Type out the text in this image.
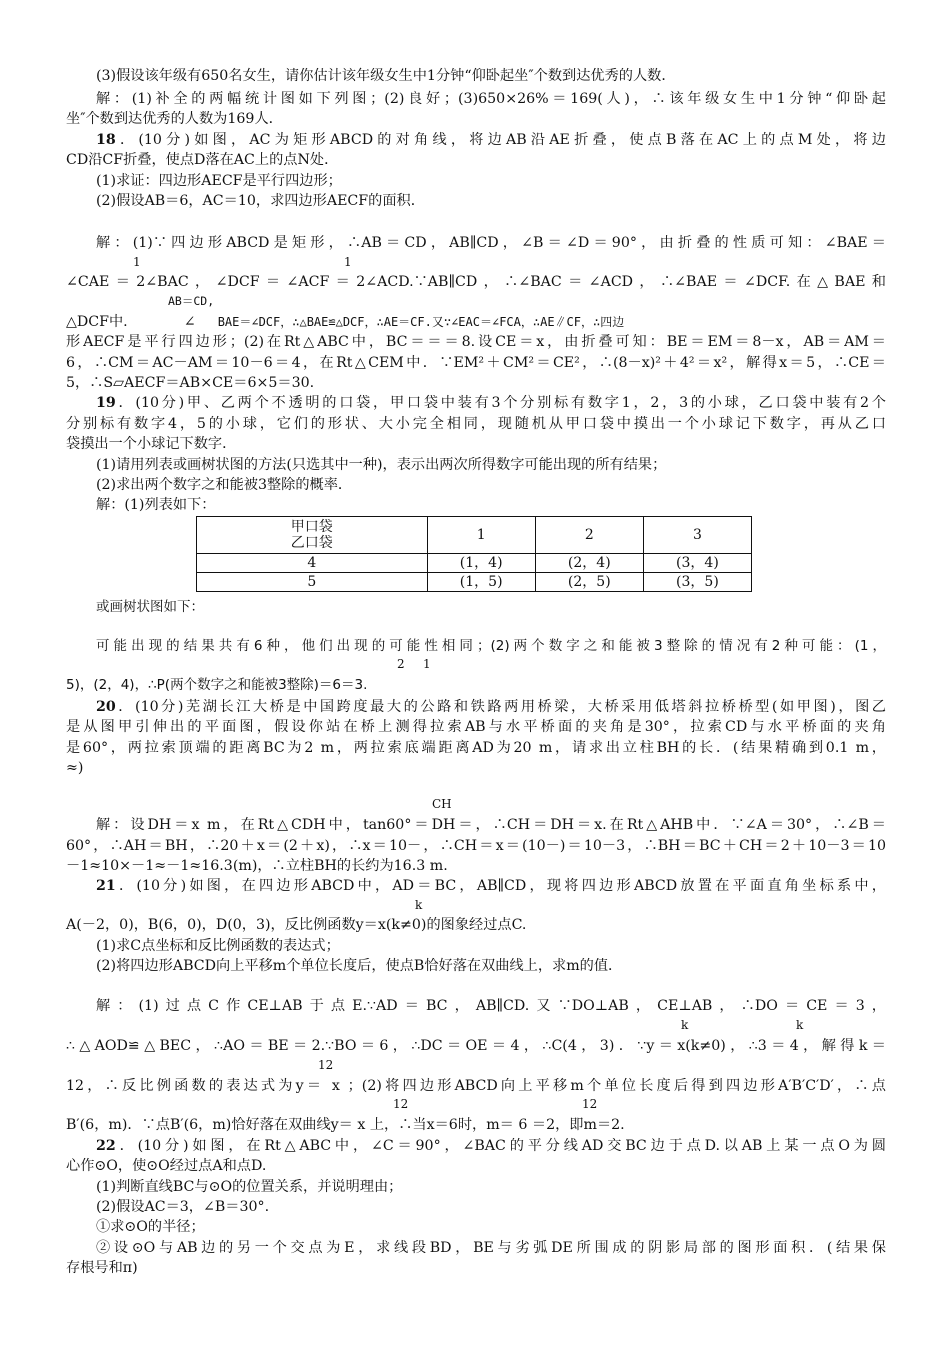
(3)假设该年级有650名女生，请你估计该年级女生中1分钟“仰卧起坐″个数到达优秀的人数．
解：(1)补全的两幅统计图如下列图；(2)良好；(3)650×26%＝169(人)，∴该年级女生中1分钟“仰卧起
坐″个数到达优秀的人数为169人．
18．(10分)如图，AC为矩形ABCD的对角线，将边AB沿AE折叠，使点B落在AC上的点M处，将边
CD沿CF折叠，使点D落在AC上的点N处．
(1)求证：四边形AECF是平行四边形；
(2)假设AB＝6，AC＝10，求四边形AECF的面积．
解：(1)∵四边形ABCD是矩形，∴AB＝CD，AB∥CD，∠B＝∠D＝90°，由折叠的性质可知：∠BAE＝
1	1
∠CAE＝2∠BAC，∠DCF＝∠ACF＝2∠ACD.∵AB∥CD，∴∠BAC＝∠ACD，∴∠BAE＝∠DCF.在△BAE和
AB＝CD,
△DCF中.	∠ BAE＝∠DCF，∴△BAE≌△DCF，∴AE＝CF.又∵∠EAC＝∠FCA，∴AE∥CF，∴四边
形AECF是平行四边形；(2)在Rt△ABC中，BC＝＝＝8.设CE＝x，由折叠可知：BE＝EM＝8－x，AB＝AM＝
6，∴CM＝AC－AM＝10－6＝4，在Rt△CEM中．∵EM²＋CM²＝CE²，∴(8－x)²＋4²＝x²，解得x＝5，∴CE＝
5，∴S▱AECF＝AB×CE＝6×5＝30.
19．(10分)甲、乙两个不透明的口袋，甲口袋中装有3个分别标有数字1，2，3的小球，乙口袋中装有2个
分别标有数字4，5的小球，它们的形状、大小完全相同，现随机从甲口袋中摸出一个小球记下数字，再从乙口
袋摸出一个小球记下数字．
(1)请用列表或画树状图的方法(只选其中一种)，表示出两次所得数字可能出现的所有结果；
(2)求出两个数字之和能被3整除的概率．
解：(1)列表如下：
甲口袋
乙口袋	1	2	3
4	(1，4)	(2，4)	(3，4)
5	(1，5)	(2，5)	(3，5)
或画树状图如下：
可能出现的结果共有6种，他们出现的可能性相同；(2)两个数字之和能被3整除的情况有2种可能：(1，
2 1
5)，(2，4)，∴P(两个数字之和能被3整除)＝6＝3.
20．(10分)芜湖长江大桥是中国跨度最大的公路和铁路两用桥梁，大桥采用低塔斜拉桥桥型(如甲图)，图乙
是从图甲引伸出的平面图，假设你站在桥上测得拉索AB与水平桥面的夹角是30°，拉索CD与水平桥面的夹角
是60°，两拉索顶端的距离BC为2 m，两拉索底端距离AD为20 m，请求出立柱BH的长．(结果精确到0.1 m，
≈)
CH
解：设DH＝x m，在Rt△CDH中，tan60°＝DH＝，∴CH＝DH＝x.在Rt△AHB中．∵∠A＝30°，∴∠B＝
60°，∴AH＝BH，∴20＋x＝(2＋x)，∴x＝10－，∴CH＝x＝(10－)＝10－3，∴BH＝BC＋CH＝2＋10－3＝10
－1≈10×－1≈－1≈16.3(m)，∴立柱BH的长约为16.3 m.
21．(10分)如图，在四边形ABCD中，AD＝BC，AB∥CD，现将四边形ABCD放置在平面直角坐标系中，
k
A(－2，0)，B(6，0)，D(0，3)，反比例函数y＝x(k≠0)的图象经过点C.
(1)求C点坐标和反比例函数的表达式；
(2)将四边形ABCD向上平移m个单位长度后，使点B恰好落在双曲线上，求m的值．
解：(1)过点C作CE⊥AB于点E.∵AD＝BC，AB∥CD.又∵DO⊥AB，CE⊥AB，∴DO＝CE＝3，
k	k
∴△AOD≌△BEC，∴AO＝BE＝2.∵BO＝6，∴DC＝OE＝4，∴C(4，3)．∵y＝x(k≠0)，∴3＝4，解得k＝
12
12，∴反比例函数的表达式为y＝ x ；(2)将四边形ABCD向上平移m个单位长度后得到四边形A′B′C′D′，∴点
12	12
B′(6，m)．∵点B′(6，m)恰好落在双曲线y＝ x 上，∴当x＝6时，m＝ 6 ＝2，即m＝2.
22．(10分)如图，在Rt△ABC中，∠C＝90°，∠BAC的平分线AD交BC边于点D.以AB上某一点O为圆
心作⊙O，使⊙O经过点A和点D.
(1)判断直线BC与⊙O的位置关系，并说明理由；
(2)假设AC＝3，∠B＝30°.
①求⊙O的半径；
②设⊙O与AB边的另一个交点为E，求线段BD，BE与劣弧DE所围成的阴影局部的图形面积．(结果保
存根号和π)
